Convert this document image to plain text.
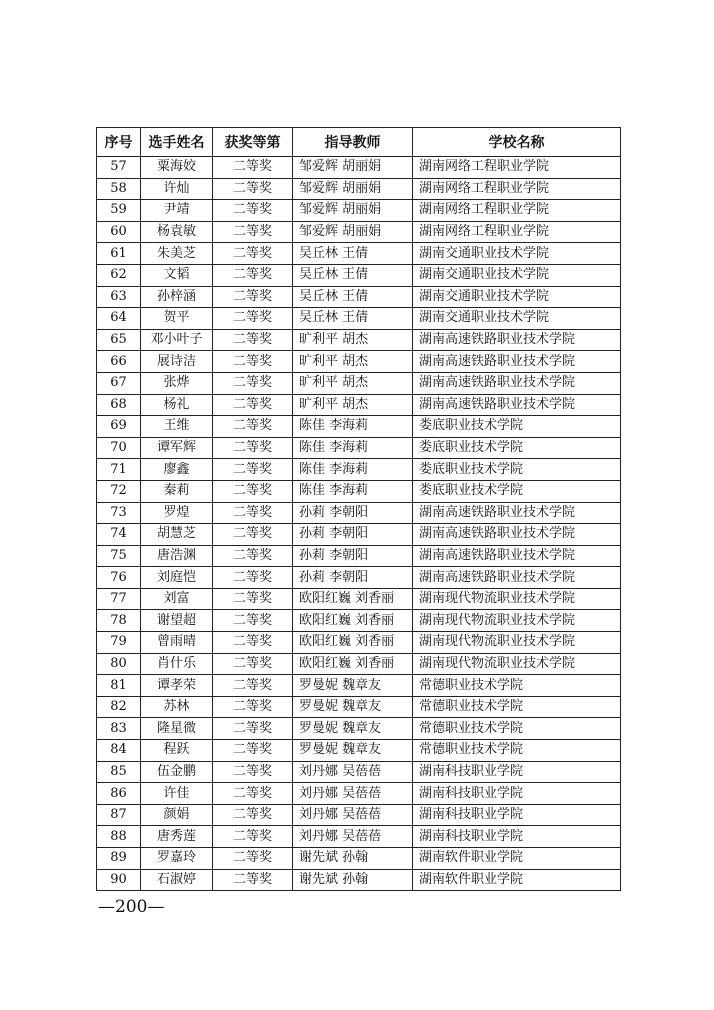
序号	选手姓名	获奖等第	指导教师	学校名称
57	粟海姣	二等奖	邹爱辉 胡丽娟	湖南网络工程职业学院
58	许灿	二等奖	邹爱辉 胡丽娟	湖南网络工程职业学院
59	尹靖	二等奖	邹爱辉 胡丽娟	湖南网络工程职业学院
60	杨袁敏	二等奖	邹爱辉 胡丽娟	湖南网络工程职业学院
61	朱美芝	二等奖	吴丘林 王倩	湖南交通职业技术学院
62	文韬	二等奖	吴丘林 王倩	湖南交通职业技术学院
63	孙梓涵	二等奖	吴丘林 王倩	湖南交通职业技术学院
64	贺平	二等奖	吴丘林 王倩	湖南交通职业技术学院
65	邓小叶子	二等奖	旷利平 胡杰	湖南高速铁路职业技术学院
66	展诗洁	二等奖	旷利平 胡杰	湖南高速铁路职业技术学院
67	张烨	二等奖	旷利平 胡杰	湖南高速铁路职业技术学院
68	杨礼	二等奖	旷利平 胡杰	湖南高速铁路职业技术学院
69	王维	二等奖	陈佳 李海莉	娄底职业技术学院
70	谭军辉	二等奖	陈佳 李海莉	娄底职业技术学院
71	廖鑫	二等奖	陈佳 李海莉	娄底职业技术学院
72	秦莉	二等奖	陈佳 李海莉	娄底职业技术学院
73	罗煌	二等奖	孙莉 李朝阳	湖南高速铁路职业技术学院
74	胡慧芝	二等奖	孙莉 李朝阳	湖南高速铁路职业技术学院
75	唐浩渊	二等奖	孙莉 李朝阳	湖南高速铁路职业技术学院
76	刘庭恺	二等奖	孙莉 李朝阳	湖南高速铁路职业技术学院
77	刘富	二等奖	欧阳红巍 刘香丽	湖南现代物流职业技术学院
78	谢望超	二等奖	欧阳红巍 刘香丽	湖南现代物流职业技术学院
79	曾雨晴	二等奖	欧阳红巍 刘香丽	湖南现代物流职业技术学院
80	肖什乐	二等奖	欧阳红巍 刘香丽	湖南现代物流职业技术学院
81	谭孝荣	二等奖	罗曼妮 魏章友	常德职业技术学院
82	苏林	二等奖	罗曼妮 魏章友	常德职业技术学院
83	隆星微	二等奖	罗曼妮 魏章友	常德职业技术学院
84	程跃	二等奖	罗曼妮 魏章友	常德职业技术学院
85	伍金鹏	二等奖	刘丹娜 吴蓓蓓	湖南科技职业学院
86	许佳	二等奖	刘丹娜 吴蓓蓓	湖南科技职业学院
87	颜娟	二等奖	刘丹娜 吴蓓蓓	湖南科技职业学院
88	唐秀莲	二等奖	刘丹娜 吴蓓蓓	湖南科技职业学院
89	罗嘉玲	二等奖	谢先斌 孙翰	湖南软件职业学院
90	石淑婷	二等奖	谢先斌 孙翰	湖南软件职业学院
—200—
